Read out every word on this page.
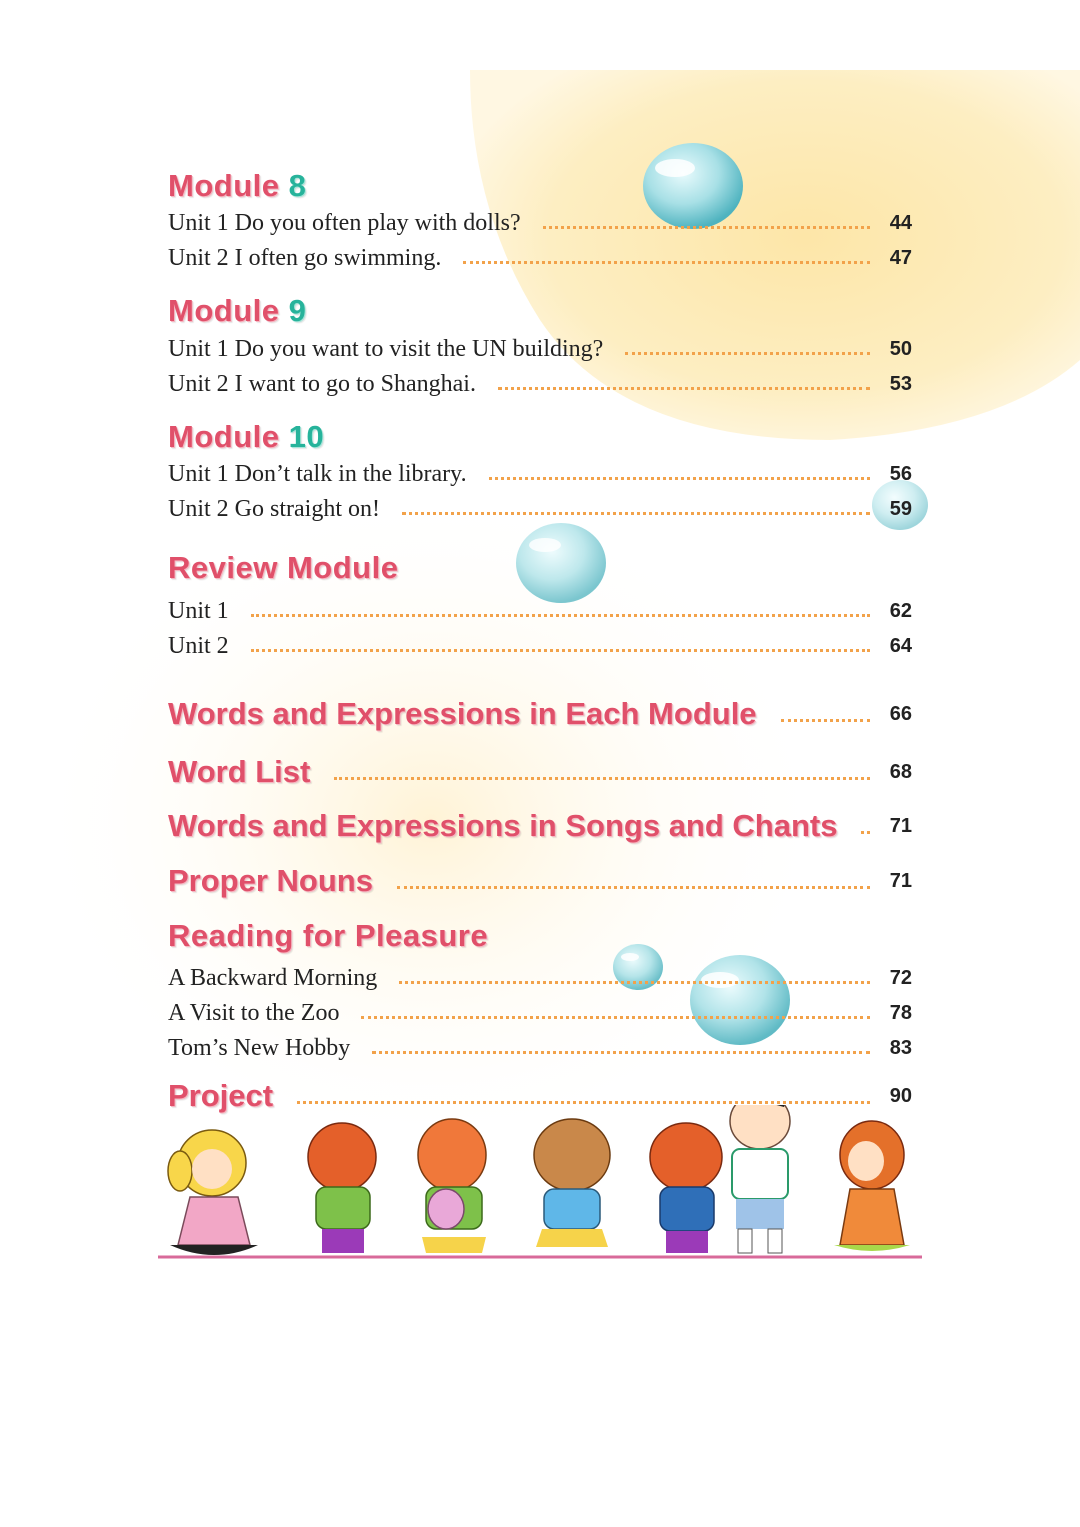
Module 8
Unit 1 Do you often play with dolls?	44
Unit 2 I often go swimming.	47
Module 9
Unit 1 Do you want to visit the UN building?	50
Unit 2 I want to go to Shanghai.	53
Module 10
Unit 1 Don’t talk in the library.	56
Unit 2 Go straight on!	59
Review Module
Unit 1	62
Unit 2	64
Words and Expressions in Each Module	66
Word List	68
Words and Expressions in Songs and Chants	71
Proper Nouns	71
Reading for Pleasure
A Backward Morning	72
A Visit to the Zoo	78
Tom’s New Hobby	83
Project	90
